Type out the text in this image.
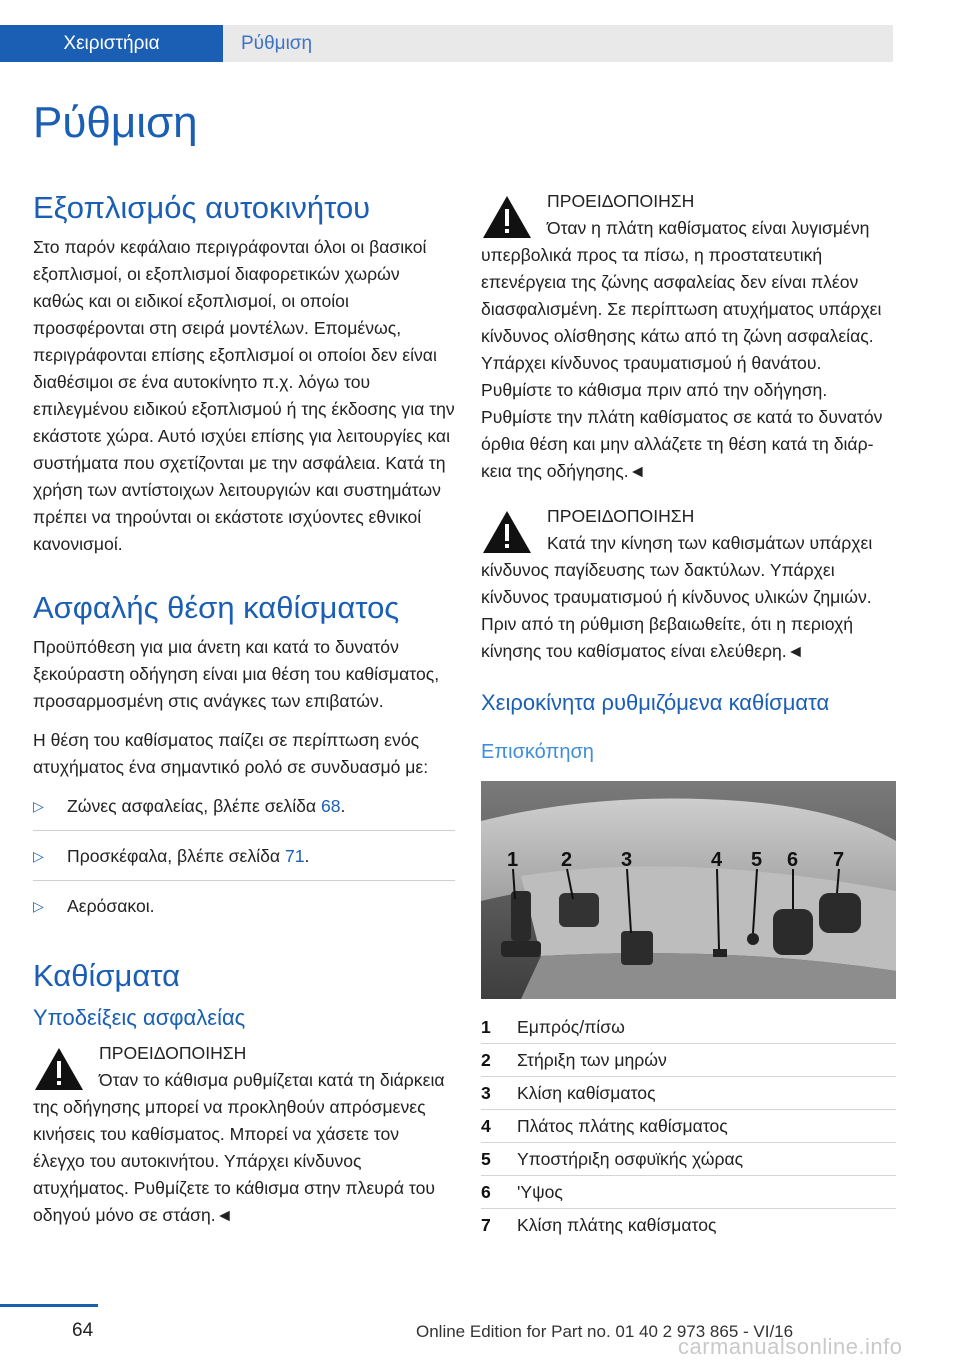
Χειριστήρια	Ρύθμιση
Ρύθμιση
Εξοπλισμός αυτοκινήτου

Στο παρόν κεφάλαιο περιγράφονται όλοι οι βασικοί εξοπλισμοί, οι εξοπλισμοί διαφορετικών χωρών καθώς και οι ειδικοί εξοπλισμοί, οι οποίοι προσφέρονται στη σειρά μοντέλων. Επομένως, περιγράφονται επίσης εξοπλισμοί οι οποίοι δεν είναι διαθέσιμοι σε ένα αυτοκίνητο π.χ. λόγω του επιλεγμένου ειδικού εξοπλισμού ή της έκδοσης για την εκάστοτε χώρα. Αυτό ισχύει επίσης για λειτουργίες και συστήματα που σχετίζονται με την ασφάλεια. Κατά τη χρήση των αντίστοιχων λειτουργιών και συστημάτων πρέπει να τηρούνται οι εκάστοτε ισχύοντες εθνικοί κανονισμοί.

Ασφαλής θέση καθίσματος

Προϋπόθεση για μια άνετη και κατά το δυνατόν ξεκούραστη οδήγηση είναι μια θέση του καθίσματος, προσαρμοσμένη στις ανάγκες των επιβατών.

Η θέση του καθίσματος παίζει σε περίπτωση ενός ατυχήματος ένα σημαντικό ρολό σε συνδυασμό με:

▷ Ζώνες ασφαλείας, βλέπε σελίδα 68.
▷ Προσκέφαλα, βλέπε σελίδα 71.
▷ Αερόσακοι.
Καθίσματα
Υποδείξεις ασφαλείας
ΠΡΟΕΙΔΟΠΟΙΗΣΗ
Όταν το κάθισμα ρυθμίζεται κατά τη διάρκεια της οδήγησης μπορεί να προκληθούν απρόσμενες κινήσεις του καθίσματος. Μπορεί να χάσετε τον έλεγχο του αυτοκινήτου. Υπάρχει κίνδυνος ατυχήματος. Ρυθμίζετε το κάθισμα στην πλευρά του οδηγού μόνο σε στάση.◄
ΠΡΟΕΙΔΟΠΟΙΗΣΗ
Όταν η πλάτη καθίσματος είναι λυγισμένη υπερβολικά προς τα πίσω, η προστατευτική επενέργεια της ζώνης ασφαλείας δεν είναι πλέον διασφαλισμένη. Σε περίπτωση ατυχήματος υπάρχει κίνδυνος ολίσθησης κάτω από τη ζώνη ασφαλείας. Υπάρχει κίνδυνος τραυματισμού ή θανάτου. Ρυθμίστε το κάθισμα πριν από την οδήγηση. Ρυθμίστε την πλάτη καθίσματος σε κατά το δυνατόν όρθια θέση και μην αλλάζετε τη θέση κατά τη διάρκεια της οδήγησης.◄
ΠΡΟΕΙΔΟΠΟΙΗΣΗ
Κατά την κίνηση των καθισμάτων υπάρχει κίνδυνος παγίδευσης των δακτύλων. Υπάρχει κίνδυνος τραυματισμού ή κίνδυνος υλικών ζημιών. Πριν από τη ρύθμιση βεβαιωθείτε, ότι η περιοχή κίνησης του καθίσματος είναι ελεύθερη.◄
Χειροκίνητα ρυθμιζόμενα καθίσματα
Επισκόπηση
1 2 3	4 5 6 7
1	Εμπρός/πίσω
2	Στήριξη των μηρών
3	Κλίση καθίσματος
4	Πλάτος πλάτης καθίσματος
5	Υποστήριξη οσφυϊκής χώρας
6	'Υψος
7	Κλίση πλάτης καθίσματος
64	Online Edition for Part no. 01 40 2 973 865 - VI/16
carmanualsonline.info
